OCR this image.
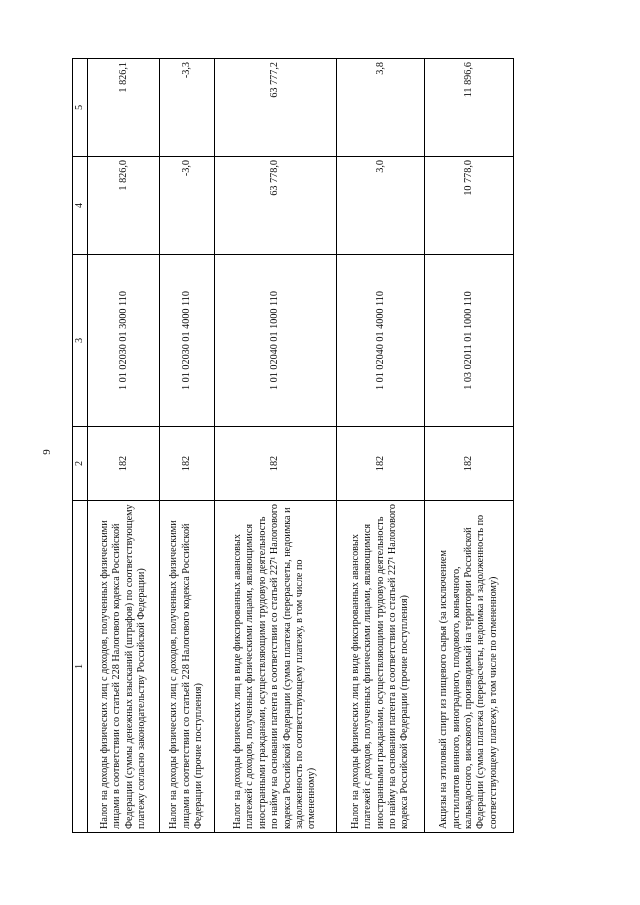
9
1	2	3	4	5
Налог на доходы физических лиц с доходов, полученных физическими лицами в соответствии со статьей 228 Налогового кодекса Российской Федерации (суммы денежных взысканий (штрафов) по соответствующему платежу согласно законодательству Российской Федерации)	182	1 01 02030 01 3000 110	1 826,0	1 826,1
Налог на доходы физических лиц с доходов, полученных физическими лицами в соответствии со статьей 228 Налогового кодекса Российской Федерации (прочие поступления)	182	1 01 02030 01 4000 110	-3,0	-3,3
Налог на доходы физических лиц в виде фиксированных авансовых платежей с доходов, полученных физическими лицами, являющимися иностранными гражданами, осуществляющими трудовую деятельность по найму на основании патента в соответствии со статьей 227¹ Налогового кодекса Российской Федерации (сумма платежа (перерасчеты, недоимка и задолженность по соответствующему платежу, в том числе по отмененному)	182	1 01 02040 01 1000 110	63 778,0	63 777,2
Налог на доходы физических лиц в виде фиксированных авансовых платежей с доходов, полученных физическими лицами, являющимися иностранными гражданами, осуществляющими трудовую деятельность по найму на основании патента в соответствии со статьей 227¹ Налогового кодекса Российской Федерации (прочие поступления)	182	1 01 02040 01 4000 110	3,0	3,8
Акцизы на этиловый спирт из пищевого сырья (за исключением дистиллятов винного, виноградного, плодового, коньячного, кальвадосного, вискового), производимый на территории Российской Федерации (сумма платежа (перерасчеты, недоимка и задолженность по соответствующему платежу, в том числе по отмененному)	182	1 03 02011 01 1000 110	10 778,0	11 896,6
